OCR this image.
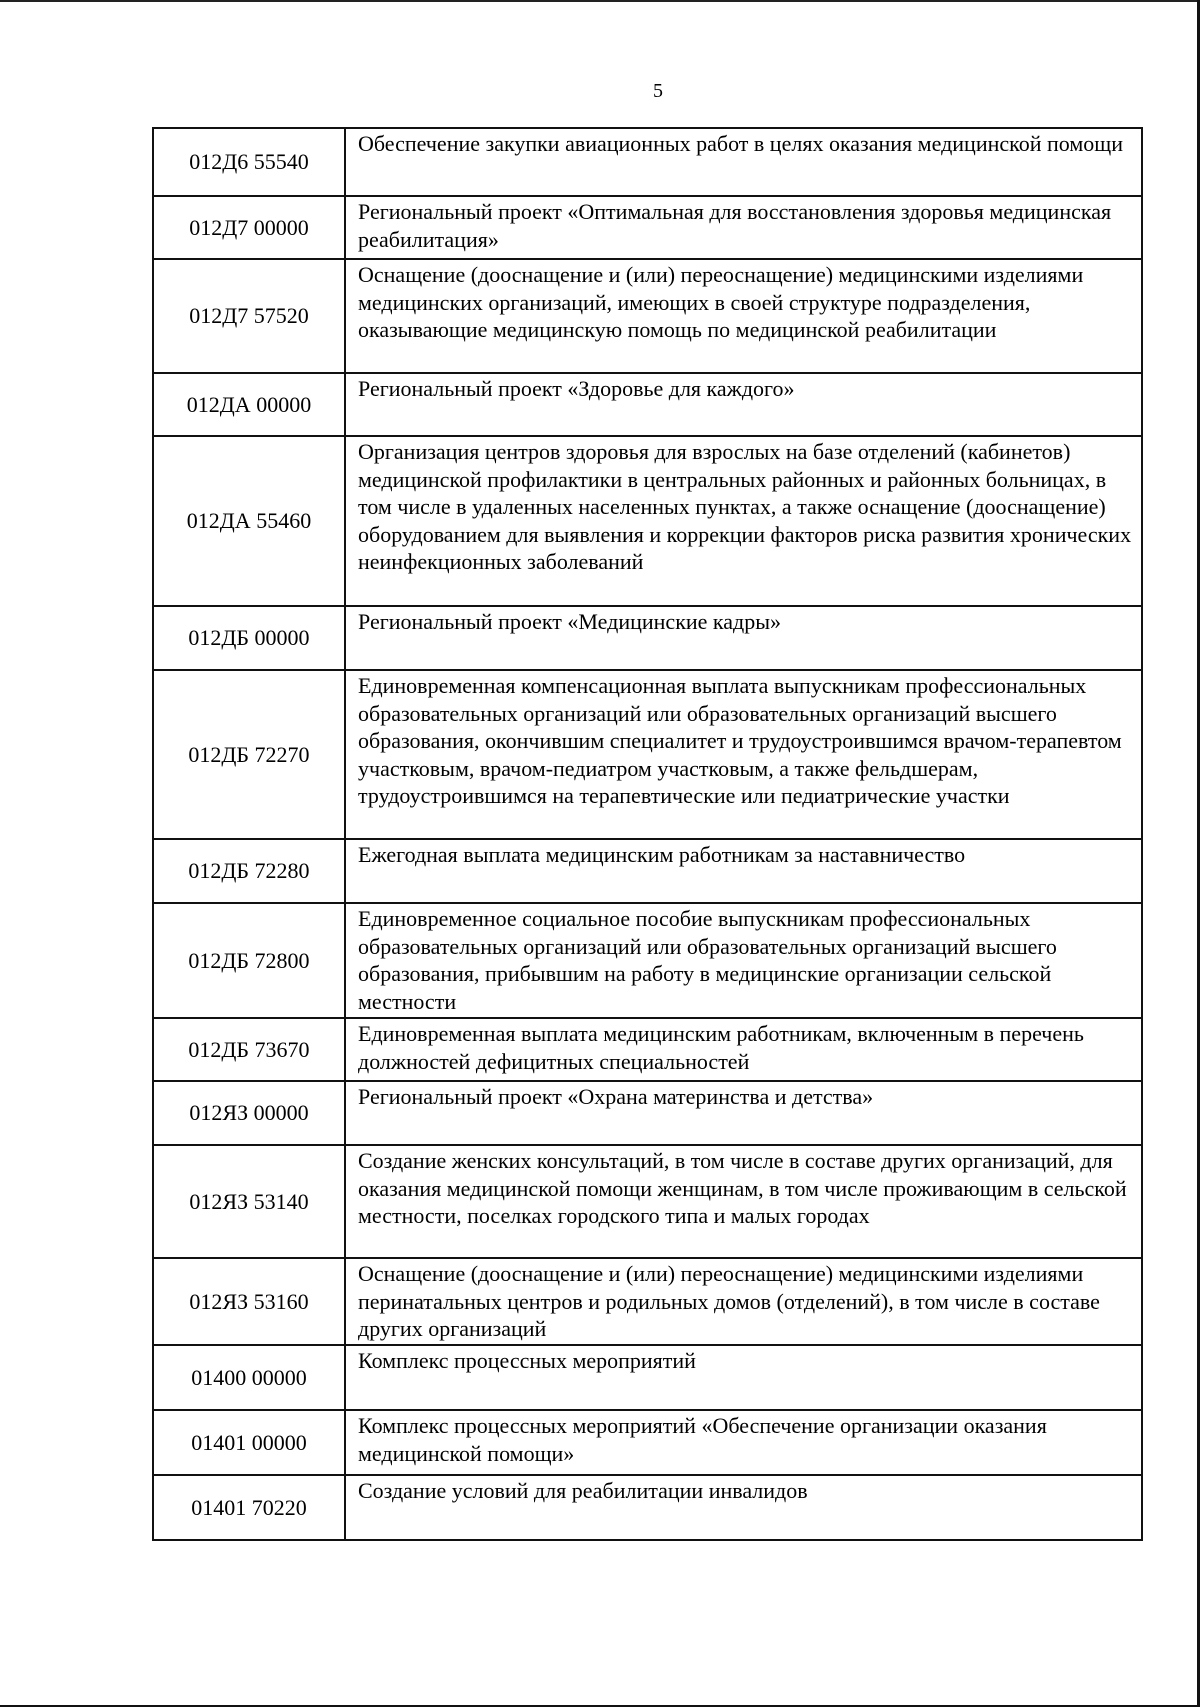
5
012Д6 55540	Обеспечение закупки авиационных работ в целях оказания медицинской помощи
012Д7 00000	Региональный проект «Оптимальная для восстановления здоровья медицинская реабилитация»
012Д7 57520	Оснащение (дооснащение и (или) переоснащение) медицинскими изделиями медицинских организаций, имеющих в своей структуре подразделения, оказывающие медицинскую помощь по медицинской реабилитации
012ДА 00000	Региональный проект «Здоровье для каждого»
012ДА 55460	Организация центров здоровья для взрослых на базе отделений (кабинетов) медицинской профилактики в центральных районных и районных больницах, в том числе в удаленных населенных пунктах, а также оснащение (дооснащение) оборудованием для выявления и коррекции факторов риска развития хронических неинфекционных заболеваний
012ДБ 00000	Региональный проект «Медицинские кадры»
012ДБ 72270	Единовременная компенсационная выплата выпускникам профессиональных образовательных организаций или образовательных организаций высшего образования, окончившим специалитет и трудоустроившимся врачом-терапевтом участковым, врачом-педиатром участковым, а также фельдшерам, трудоустроившимся на терапевтические или педиатрические участки
012ДБ 72280	Ежегодная выплата медицинским работникам за наставничество
012ДБ 72800	Единовременное социальное пособие выпускникам профессиональных образовательных организаций или образовательных организаций высшего образования, прибывшим на работу в медицинские организации сельской местности
012ДБ 73670	Единовременная выплата медицинским работникам, включенным в перечень должностей дефицитных специальностей
012ЯЗ 00000	Региональный проект «Охрана материнства и детства»
012ЯЗ 53140	Создание женских консультаций, в том числе в составе других организаций, для оказания медицинской помощи женщинам, в том числе проживающим в сельской местности, поселках городского типа и малых городах
012ЯЗ 53160	Оснащение (дооснащение и (или) переоснащение) медицинскими изделиями перинатальных центров и родильных домов (отделений), в том числе в составе других организаций
01400 00000	Комплекс процессных мероприятий
01401 00000	Комплекс процессных мероприятий «Обеспечение организации оказания медицинской помощи»
01401 70220	Создание условий для реабилитации инвалидов
